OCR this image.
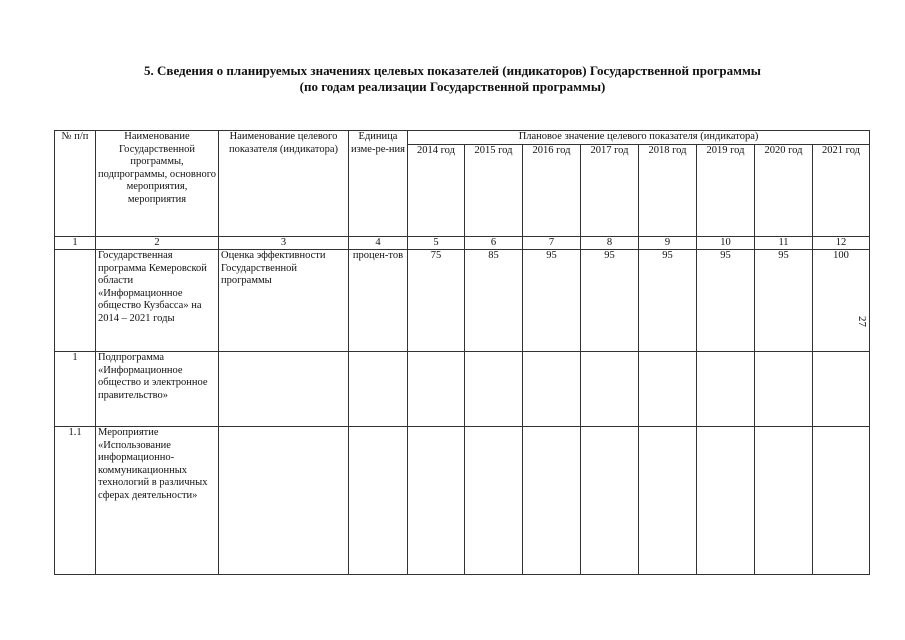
5. Сведения о планируемых значениях целевых показателей (индикаторов) Государственной программы
(по годам реализации Государственной программы)
№ п/п	Наименование Государственной программы, подпрограммы, основного мероприятия, мероприятия	Наименование целевого показателя (индикатора)	Единица изме-ре-ния	Плановое значение целевого показателя (индикатора)							
				2014 год	2015 год	2016 год	2017 год	2018 год	2019 год	2020 год	2021 год
1	2	3	4	5	6	7	8	9	10	11	12
	Государственная программа Кемеровской области «Информационное общество Кузбасса» на 2014 – 2021 годы	Оценка эффективности Государственной программы	процен-тов	75	85	95	95	95	95	95	100
1	Подпрограмма «Информационное общество и электронное правительство»										
1.1	Мероприятие «Использование информационно-коммуникационных технологий в различных сферах деятельности»										
27
